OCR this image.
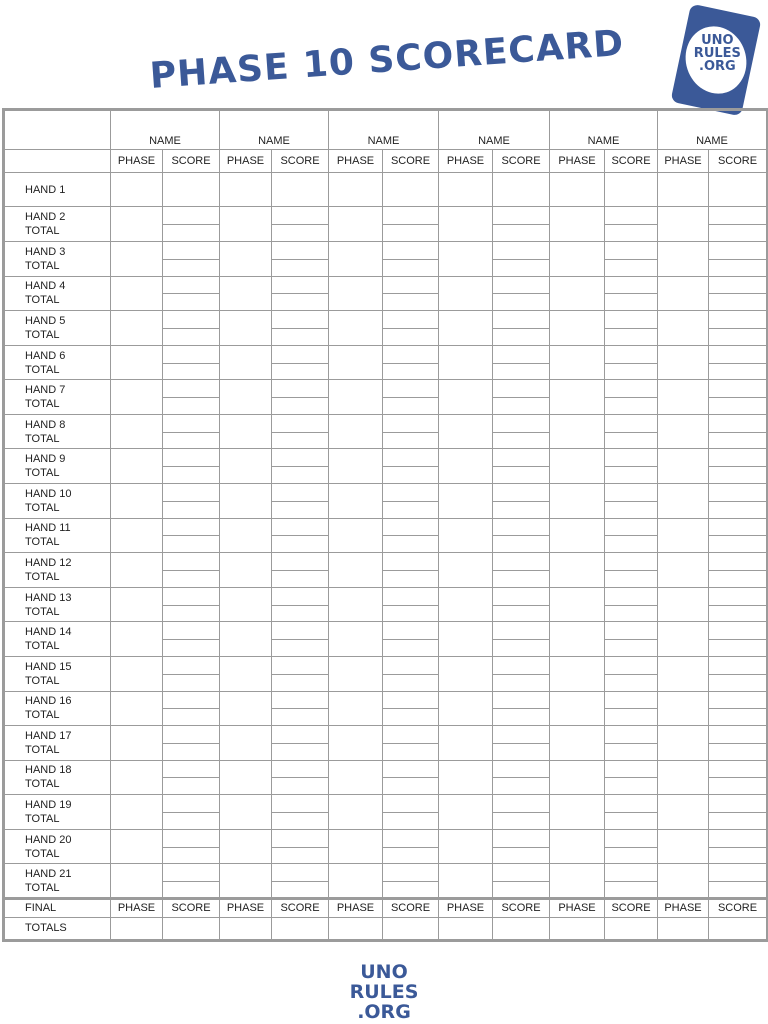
PHASE 10 SCORECARD	UNO
RULES
.ORG
	NAME		NAME		NAME		NAME		NAME		NAME	
	PHASE	SCORE	PHASE	SCORE	PHASE	SCORE	PHASE	SCORE	PHASE	SCORE	PHASE	SCORE

HAND 1												

HAND 2
TOTAL												

HAND 3
TOTAL												

HAND 4
TOTAL												

HAND 5
TOTAL												

HAND 6
TOTAL												

HAND 7
TOTAL												

HAND 8
TOTAL												

HAND 9
TOTAL												

HAND 10
TOTAL												

HAND 11
TOTAL												

HAND 12
TOTAL												

HAND 13
TOTAL												

HAND 14
TOTAL												

HAND 15
TOTAL												

HAND 16
TOTAL												

HAND 17
TOTAL												

HAND 18
TOTAL												

HAND 19
TOTAL												

HAND 20
TOTAL												

HAND 21
TOTAL												

FINAL	PHASE	SCORE	PHASE	SCORE	PHASE	SCORE	PHASE	SCORE	PHASE	SCORE	PHASE	SCORE
TOTALS												
UNO
RULES
.ORG
